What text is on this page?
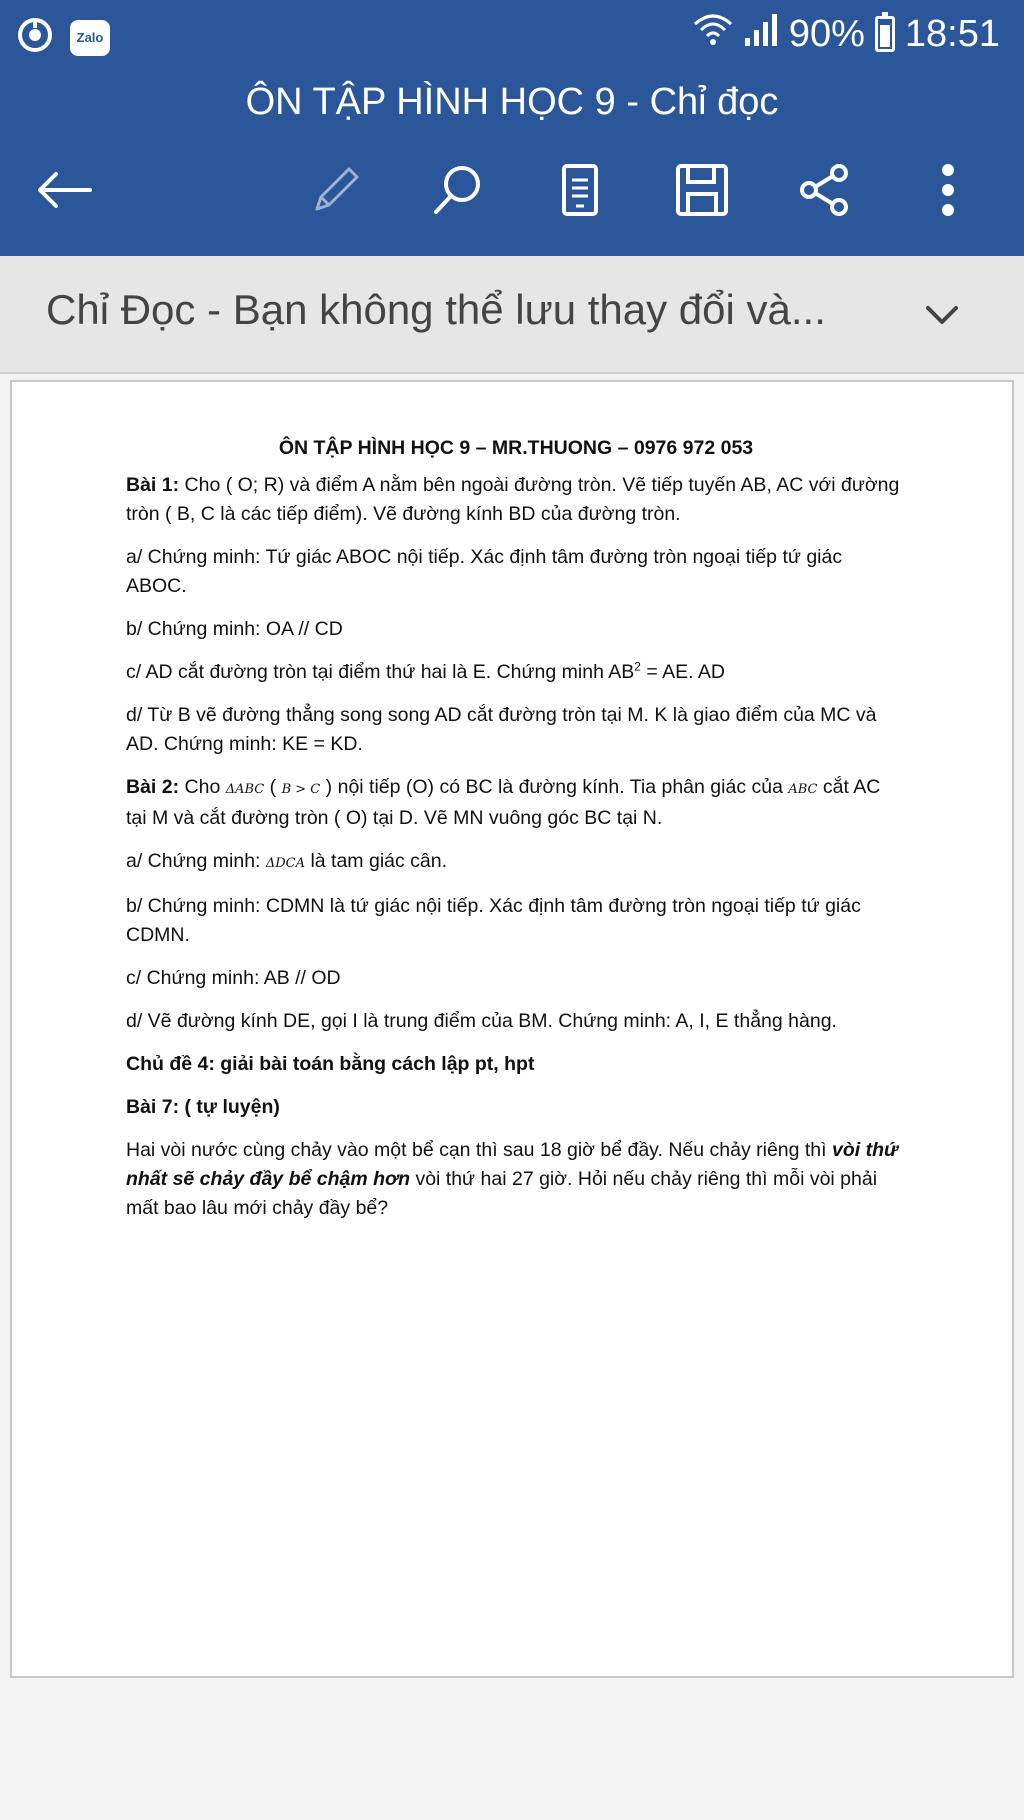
Zalo	90% 18:51
ÔN TẬP HÌNH HỌC 9 - Chỉ đọc
Chỉ Đọc - Bạn không thể lưu thay đổi và...
ÔN TẬP HÌNH HỌC 9 – MR.THUONG – 0976 972 053

Bài 1: Cho ( O; R) và điểm A nằm bên ngoài đường tròn. Vẽ tiếp tuyến AB, AC với đường tròn ( B, C là các tiếp điểm). Vẽ đường kính BD của đường tròn.

a/ Chứng minh: Tứ giác ABOC nội tiếp. Xác định tâm đường tròn ngoại tiếp tứ giác ABOC.

b/ Chứng minh: OA // CD

c/ AD cắt đường tròn tại điểm thứ hai là E. Chứng minh $AB^2$ = AE. AD

d/ Từ B vẽ đường thẳng song song AD cắt đường tròn tại M. K là giao điểm của MC và AD. Chứng minh: KE = KD.

Bài 2: Cho ΔABC ( B > C ) nội tiếp (O) có BC là đường kính. Tia phân giác của ABC cắt AC tại M và cắt đường tròn ( O) tại D. Vẽ MN vuông góc BC tại N.

a/ Chứng minh: ΔDCA là tam giác cân.

b/ Chứng minh: CDMN là tứ giác nội tiếp. Xác định tâm đường tròn ngoại tiếp tứ giác CDMN.

c/ Chứng minh: AB // OD

d/ Vẽ đường kính DE, gọi I là trung điểm của BM. Chứng minh: A, I, E thẳng hàng.

Chủ đề 4: giải bài toán bằng cách lập pt, hpt

Bài 7: ( tự luyện)

Hai vòi nước cùng chảy vào một bể cạn thì sau 18 giờ bể đầy. Nếu chảy riêng thì vòi thứ nhất sẽ chảy đầy bể chậm hơn vòi thứ hai 27 giờ. Hỏi nếu chảy riêng thì mỗi vòi phải mất bao lâu mới chảy đầy bể?
